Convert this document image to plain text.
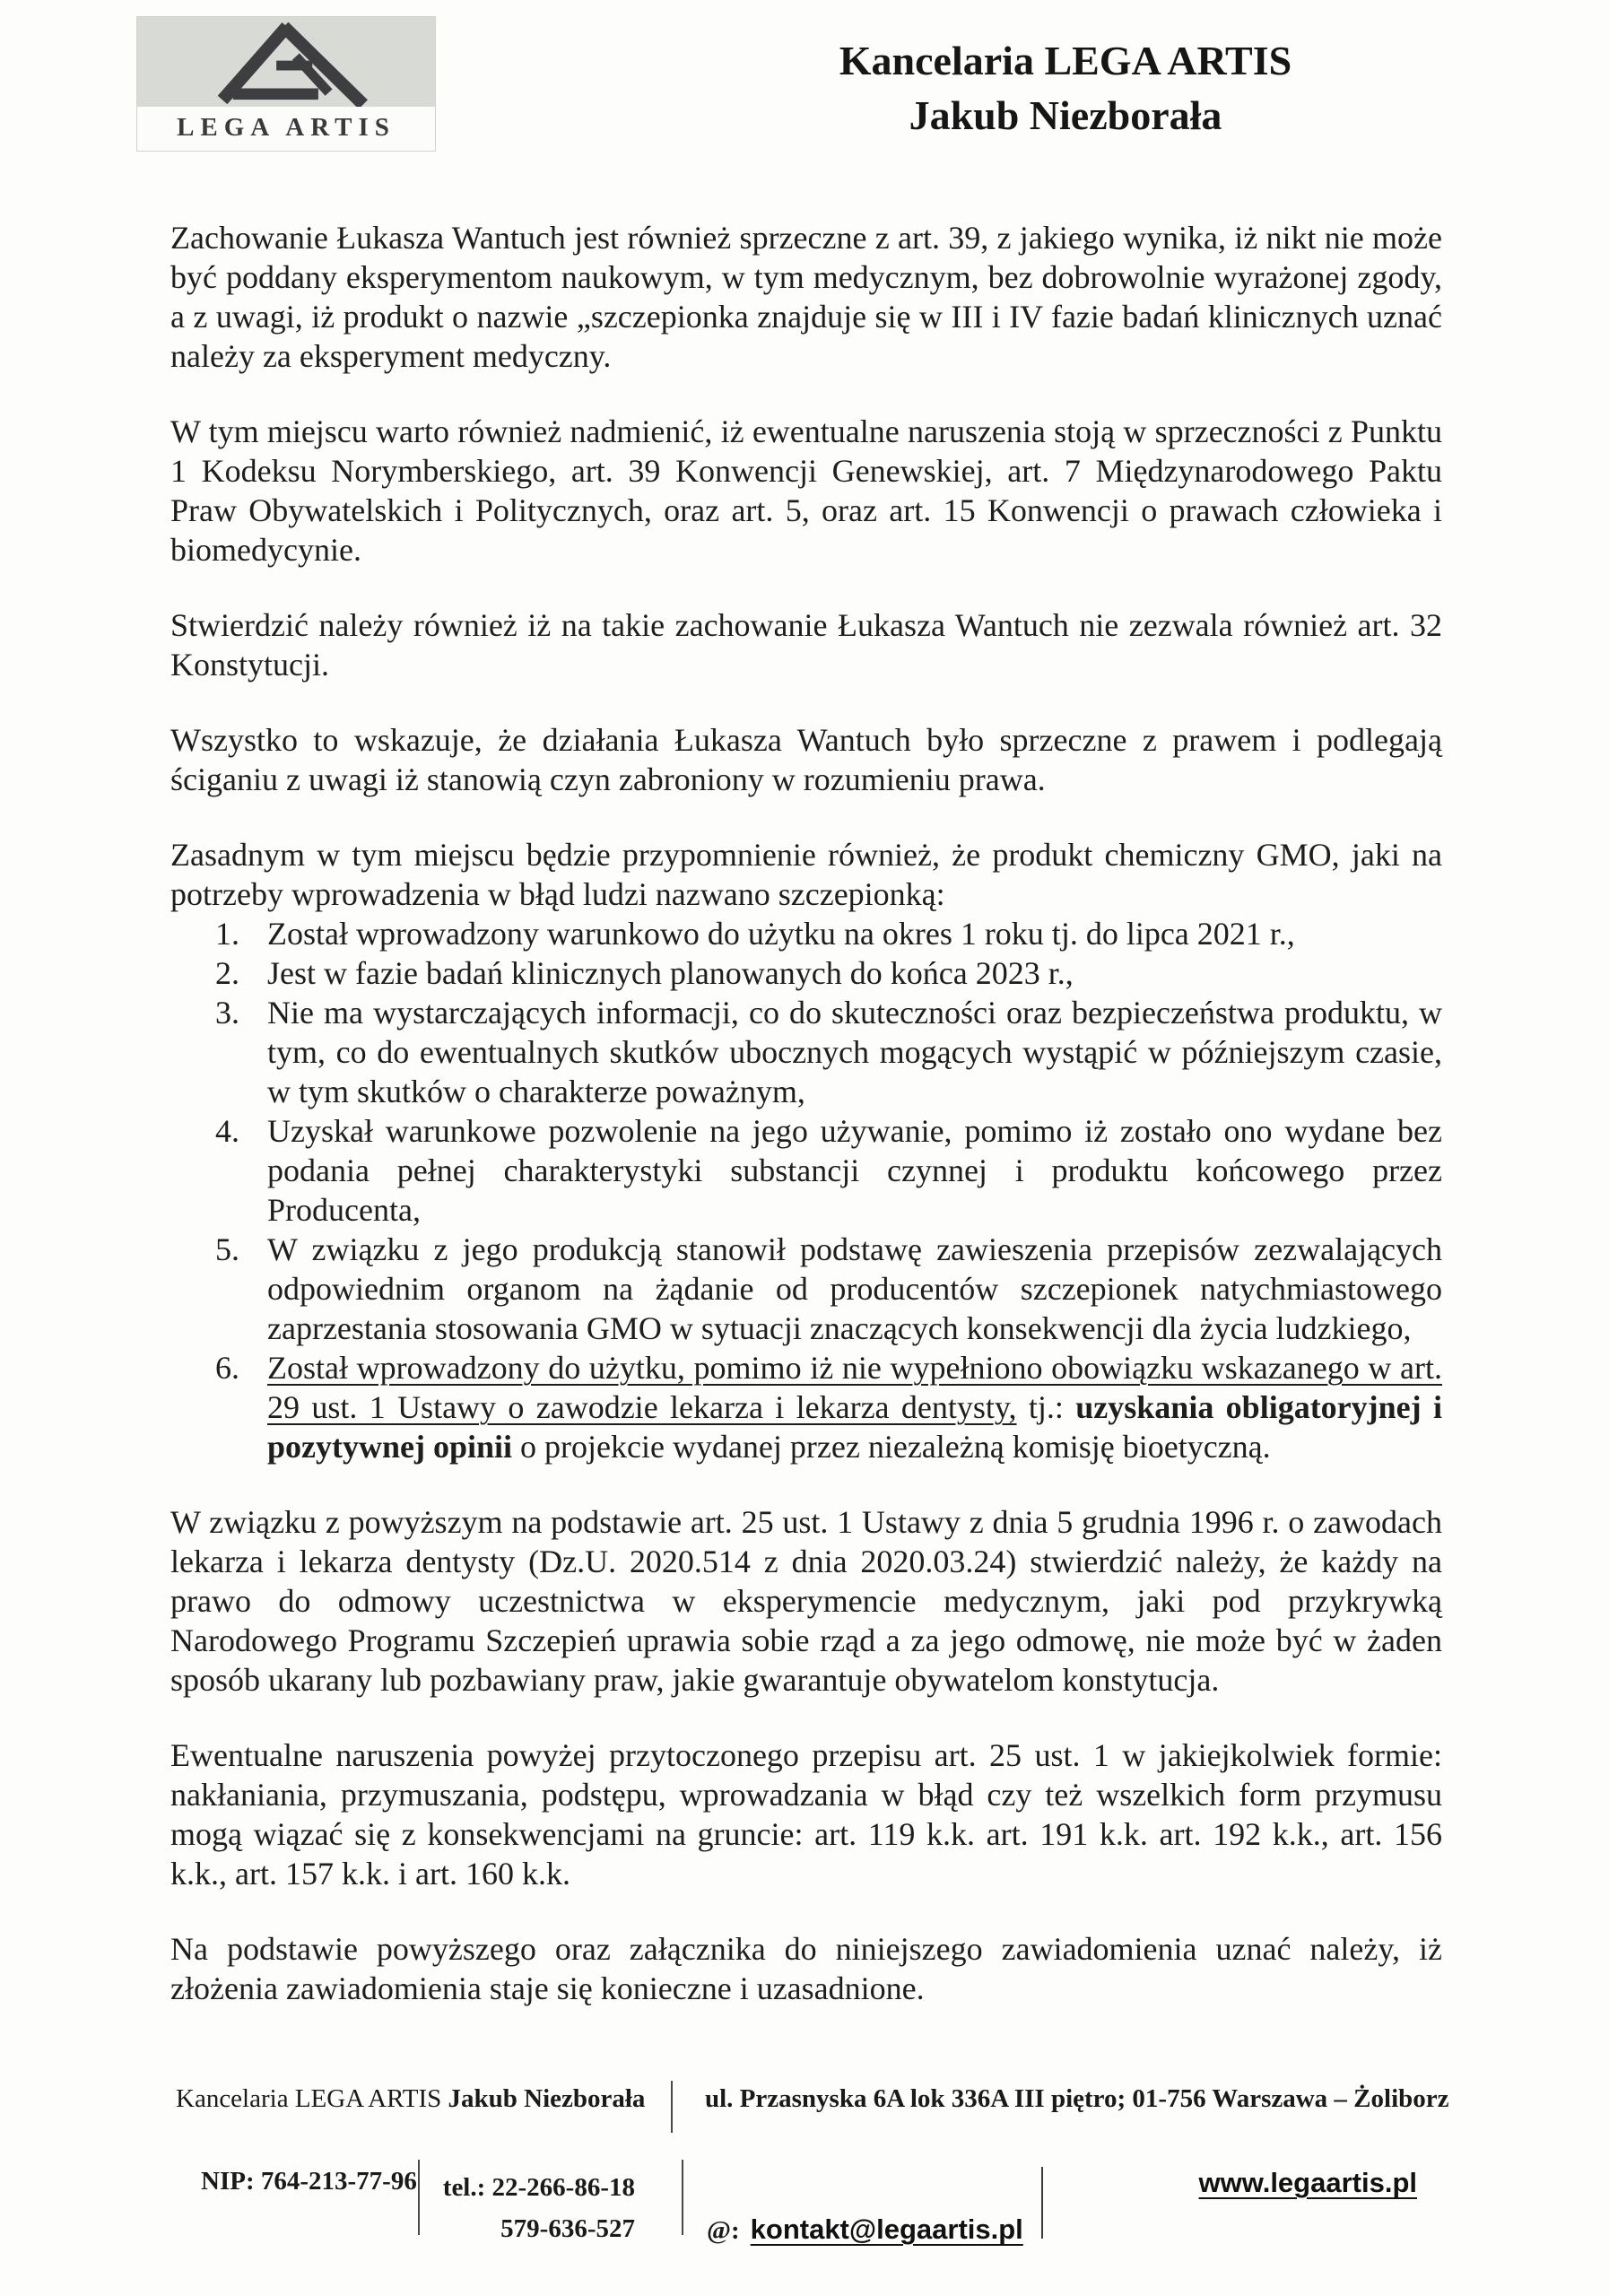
LEGA ARTIS
Kancelaria LEGA ARTIS
Jakub Niezborała

Zachowanie Łukasza Wantuch jest również sprzeczne z art. 39, z jakiego wynika, iż nikt nie może być poddany eksperymentom naukowym, w tym medycznym, bez dobrowolnie wyrażonej zgody, a z uwagi, iż produkt o nazwie „szczepionka znajduje się w III i IV fazie badań klinicznych uznać należy za eksperyment medyczny.

W tym miejscu warto również nadmienić, iż ewentualne naruszenia stoją w sprzeczności z Punktu 1 Kodeksu Norymberskiego, art. 39 Konwencji Genewskiej, art. 7 Międzynarodowego Paktu Praw Obywatelskich i Politycznych, oraz art. 5, oraz art. 15 Konwencji o prawach człowieka i biomedycynie.

Stwierdzić należy również iż na takie zachowanie Łukasza Wantuch nie zezwala również art. 32 Konstytucji.

Wszystko to wskazuje, że działania Łukasza Wantuch było sprzeczne z prawem i podlegają ściganiu z uwagi iż stanowią czyn zabroniony w rozumieniu prawa.

Zasadnym w tym miejscu będzie przypomnienie również, że produkt chemiczny GMO, jaki na potrzeby wprowadzenia w błąd ludzi nazwano szczepionką:

1. Został wprowadzony warunkowo do użytku na okres 1 roku tj. do lipca 2021 r.,
2. Jest w fazie badań klinicznych planowanych do końca 2023 r.,
3. Nie ma wystarczających informacji, co do skuteczności oraz bezpieczeństwa produktu, w tym, co do ewentualnych skutków ubocznych mogących wystąpić w późniejszym czasie, w tym skutków o charakterze poważnym,
4. Uzyskał warunkowe pozwolenie na jego używanie, pomimo iż zostało ono wydane bez podania pełnej charakterystyki substancji czynnej i produktu końcowego przez Producenta,
5. W związku z jego produkcją stanowił podstawę zawieszenia przepisów zezwalających odpowiednim organom na żądanie od producentów szczepionek natychmiastowego zaprzestania stosowania GMO w sytuacji znaczących konsekwencji dla życia ludzkiego,
6. Został wprowadzony do użytku, pomimo iż nie wypełniono obowiązku wskazanego w art. 29 ust. 1 Ustawy o zawodzie lekarza i lekarza dentysty, tj.: uzyskania obligatoryjnej i pozytywnej opinii o projekcie wydanej przez niezależną komisję bioetyczną.

W związku z powyższym na podstawie art. 25 ust. 1 Ustawy z dnia 5 grudnia 1996 r. o zawodach lekarza i lekarza dentysty (Dz.U. 2020.514 z dnia 2020.03.24) stwierdzić należy, że każdy na prawo do odmowy uczestnictwa w eksperymencie medycznym, jaki pod przykrywką Narodowego Programu Szczepień uprawia sobie rząd a za jego odmowę, nie może być w żaden sposób ukarany lub pozbawiany praw, jakie gwarantuje obywatelom konstytucja.

Ewentualne naruszenia powyżej przytoczonego przepisu art. 25 ust. 1 w jakiejkolwiek formie: nakłaniania, przymuszania, podstępu, wprowadzania w błąd czy też wszelkich form przymusu mogą wiązać się z konsekwencjami na gruncie: art. 119 k.k. art. 191 k.k. art. 192 k.k., art. 156 k.k., art. 157 k.k. i art. 160 k.k.

Na podstawie powyższego oraz załącznika do niniejszego zawiadomienia uznać należy, iż złożenia zawiadomienia staje się konieczne i uzasadnione.

Kancelaria LEGA ARTIS Jakub Niezborała	ul. Przasnyska 6A lok 336A III piętro; 01-756 Warszawa – Żoliborz
NIP: 764-213-77-96 tel.: 22-266-86-18
579-636-527	@: kontakt@legaartis.pl
www.legaartis.pl
